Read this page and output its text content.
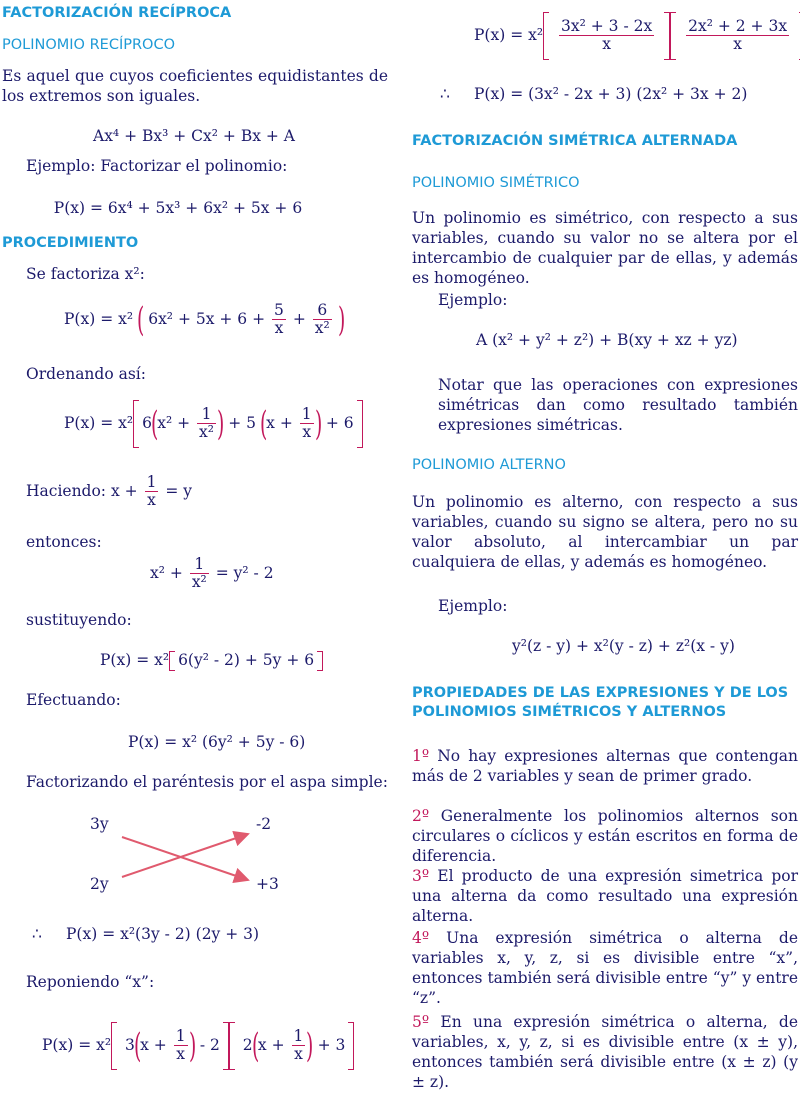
FACTORIZACIÓN RECÍPROCA
POLINOMIO RECÍPROCO
Es aquel que cuyos coeficientes equidistantes de los extremos son iguales.
Ax⁴ + Bx³ + Cx² + Bx + A
Ejemplo: Factorizar el polinomio:
P(x) = 6x⁴ + 5x³ + 6x² + 5x + 6
PROCEDIMIENTO
Se factoriza x²:
P(x) = x² ( $6x^2 + 5x + 6 + \frac{5}{x} + \frac{6}{\text{x²}}$ )
Ordenando así:
P(x) = x² $6(x^2 + \frac{1}{\text{x²}}$ ) + 5 ($x + \frac{1}{x}$ ) + 6
Haciendo: $x + \frac{1}{x} = y$
entonces:
$x^2 + \frac{1}{\text{x²}} = y^2 - 2$
sustituyendo:
P(x) = x² 6(y² - 2) + 5y + 6
Efectuando:
P(x) = x² (6y² + 5y - 6)
Factorizando el paréntesis por el aspa simple:
3y	-2
2y	+3
∴ P(x) = x²(3y - 2) (2y + 3)
Reponiendo “x”:
P(x) = x² $3(x + \frac{1}{x}$ ) - 2 $2(x + \frac{1}{x}$ ) + 3
$P(x) = x^2 \frac{\text{3x² + 3 - 2x}}{x}$
$\frac{\text{2x² + 2 + 3x}}{x}$

∴ P(x) = (3x² - 2x + 3) (2x² + 3x + 2)
FACTORIZACIÓN SIMÉTRICA ALTERNADA
POLINOMIO SIMÉTRICO
Un polinomio es simétrico, con respecto a sus variables, cuando su valor no se altera por el intercambio de cualquier par de ellas, y además es homogéneo.
Ejemplo:
A (x² + y² + z²) + B(xy + xz + yz)
Notar que las operaciones con expresiones simétricas dan como resultado también expresiones simétricas.
POLINOMIO ALTERNO
Un polinomio es alterno, con respecto a sus variables, cuando su signo se altera, pero no su valor absoluto, al intercambiar un par cualquiera de ellas, y además es homogéneo.
Ejemplo:
y²(z - y) + x²(y - z) + z²(x - y)
PROPIEDADES DE LAS EXPRESIONES Y DE LOS POLINOMIOS SIMÉTRICOS Y ALTERNOS
1º No hay expresiones alternas que contengan más de 2 variables y sean de primer grado.
2º Generalmente los polinomios alternos son circulares o cíclicos y están escritos en forma de diferencia.
3º El producto de una expresión simetrica por una alterna da como resultado una expresión alterna.
4º Una expresión simétrica o alterna de variables x, y, z, si es divisible entre “x”, entonces también será divisible entre “y” y entre “z”.
5º En una expresión simétrica o alterna, de variables, x, y, z, si es divisible entre (x ± y), entonces también será divisible entre (x ± z) (y ± z).
